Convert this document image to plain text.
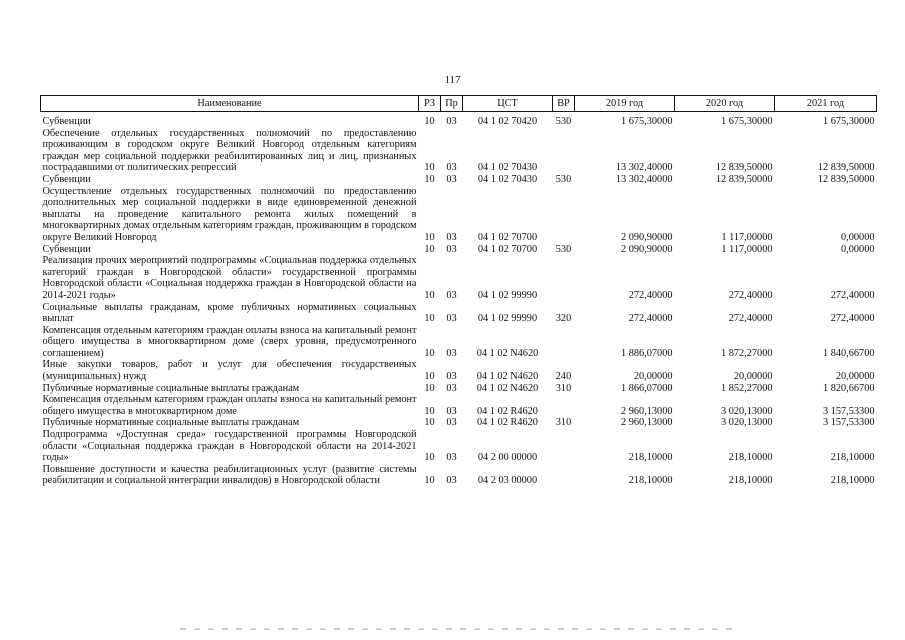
117
Наименование	РЗ	Пр	ЦСТ	ВР	2019 год	2020 год	2021 год
Субвенции	10	03	04 1 02 70420	530	1 675,30000	1 675,30000	1 675,30000
Обеспечение отдельных государственных полномочий по предоставлению проживающим в городском округе Великий Новгород отдельным категориям граждан мер социальной поддержки реабилитированных лиц и лиц, признанных пострадавшими от политических репрессий	10	03	04 1 02 70430		13 302,40000	12 839,50000	12 839,50000
Субвенции	10	03	04 1 02 70430	530	13 302,40000	12 839,50000	12 839,50000
Осуществление отдельных государственных полномочий по предоставлению дополнительных мер социальной поддержки в виде единовременной денежной выплаты на проведение капитального ремонта жилых помещений в многоквартирных домах отдельным категориям граждан, проживающим в городском округе Великий Новгород	10	03	04 1 02 70700		2 090,90000	1 117,00000	0,00000
Субвенции	10	03	04 1 02 70700	530	2 090,90000	1 117,00000	0,00000
Реализация прочих мероприятий подпрограммы «Социальная поддержка отдельных категорий граждан в Новгородской области» государственной программы Новгородской области «Социальная поддержка граждан в Новгородской области на 2014-2021 годы»	10	03	04 1 02 99990		272,40000	272,40000	272,40000
Социальные выплаты гражданам, кроме публичных нормативных социальных выплат	10	03	04 1 02 99990	320	272,40000	272,40000	272,40000
Компенсация отдельным категориям граждан оплаты взноса на капитальный ремонт общего имущества в многоквартирном доме (сверх уровня, предусмотренного соглашением)	10	03	04 1 02 N4620		1 886,07000	1 872,27000	1 840,66700
Иные закупки товаров, работ и услуг для обеспечения государственных (муниципальных) нужд	10	03	04 1 02 N4620	240	20,00000	20,00000	20,00000
Публичные нормативные социальные выплаты гражданам	10	03	04 1 02 N4620	310	1 866,07000	1 852,27000	1 820,66700
Компенсация отдельным категориям граждан оплаты взноса на капитальный ремонт общего имущества в многоквартирном доме	10	03	04 1 02 R4620		2 960,13000	3 020,13000	3 157,53300
Публичные нормативные социальные выплаты гражданам	10	03	04 1 02 R4620	310	2 960,13000	3 020,13000	3 157,53300
Подпрограмма «Доступная среда» государственной программы Новгородской области «Социальная поддержка граждан в Новгородской области на 2014-2021 годы»	10	03	04 2 00 00000		218,10000	218,10000	218,10000
Повышение доступности и качества реабилитационных услуг (развитие системы реабилитации и социальной интеграции инвалидов) в Новгородской области	10	03	04 2 03 00000		218,10000	218,10000	218,10000
